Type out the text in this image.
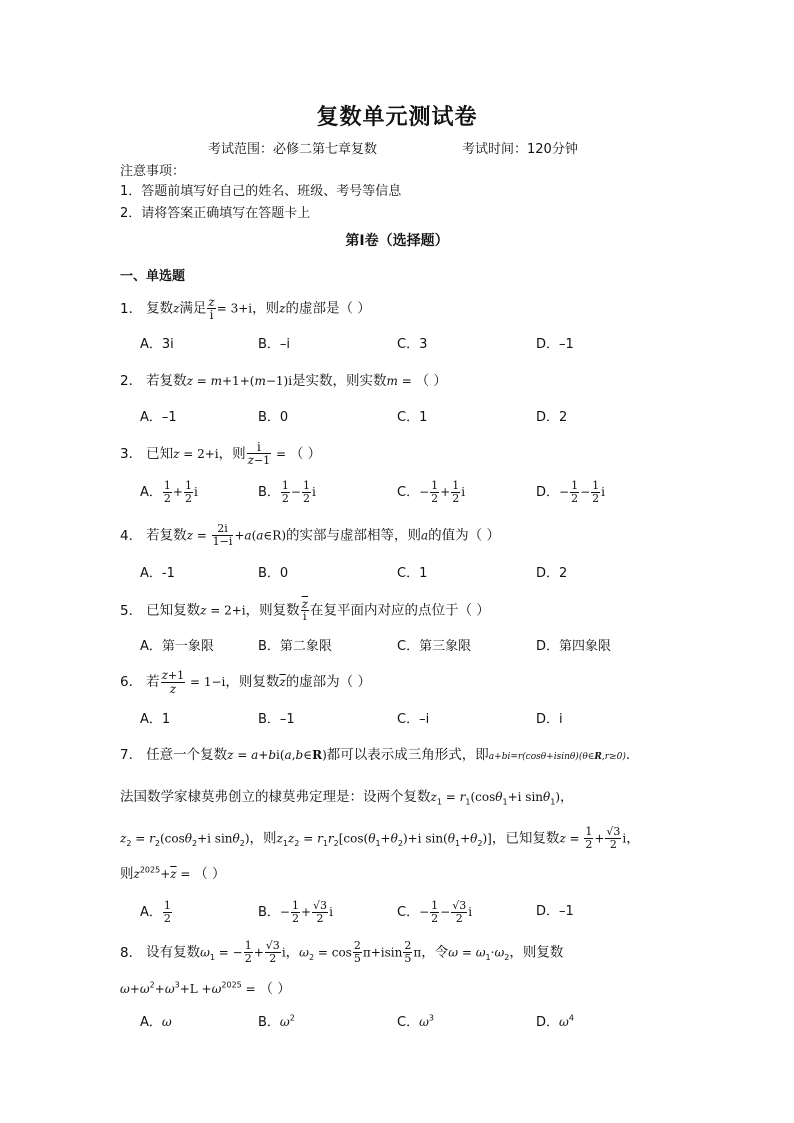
复数单元测试卷
考试范围：必修二第七章复数	考试时间：120分钟
注意事项：
1．答题前填写好自己的姓名、班级、考号等信息
2．请将答案正确填写在答题卡上
第I卷（选择题）
一、单选题
1． 复数z满足 $\frac{z}{i} = 3+i$，则z的虚部是（ ）
A．3i	B．–i	C．3	D．–1
2． 若复数z = m+1+(m−1)i是实数，则实数m = （ ）
A．–1	B．0	C．1	D．2
3． 已知z = 2+i，则 $\frac{i}{z-1}$ = （ ）
A． $\frac{1}{2} + \frac{1}{2}$ i	B． $\frac{1}{2} - \frac{1}{2}$ i	C．− $\frac{1}{2} + \frac{1}{2}$ i	D．− $\frac{1}{2} - \frac{1}{2}$ i
4． 若复数$z = \frac{2i}{1-i}$ +a(a∈R)的实部与虚部相等，则a的值为（ ）
A．-1	B．0	C．1	D．2
5． 已知复数z = 2+i，则复数 $\frac{\overline{z}}{i}$ 在复平面内对应的点位于（ ）
A．第一象限	B．第二象限	C．第三象限	D．第四象限
6． 若 $\frac{z+1}{z} = 1-i$，则复数$\overline{z}$的虚部为（ ）
A．1	B．–1	C．–i	D．i
7． 任意一个复数z = a+bi(a,b∈R)都可以表示成三角形式，即a+bi=r(cosθ+isinθ)(θ∈R,r≥0).
法国数学家棣莫弗创立的棣莫弗定理是：设两个复数$z_1 = r_1(\cos\theta_1+i$ sinθ$_1$)，
$z_2 = r_2(\cos\theta_2+i$ sinθ$_2$)，则$z_1z_2 = r_1r_2[\cos(\theta_1+\theta_2)+i$ $\sin(\theta_1+\theta_2)$]，已知复数$z = \frac{1}{2} + \frac{√3}{2}$ i，
则$z^{2025}+\overline{z}$ = （ ）
A． $\frac{1}{2}$	B．− $\frac{1}{2} + \frac{√3}{2}$ i	C．− $\frac{1}{2} - \frac{√3}{2}$ i	D．–1
8． 设有复数$\omega_1$ = − $\frac{1}{2} + \frac{√3}{2}$ i，$\omega_2 = \cos \frac{2}{5} \pi+isin \frac{2}{5}$ π，令$\omega = \omega_1\cdot\omega_2$，则复数
$\omega+\omega^2+\omega^3+L +\omega^{2025}$ = （ ）
A．ω	B．$\omega^2$	C．$\omega^3$	D．$\omega^4$
